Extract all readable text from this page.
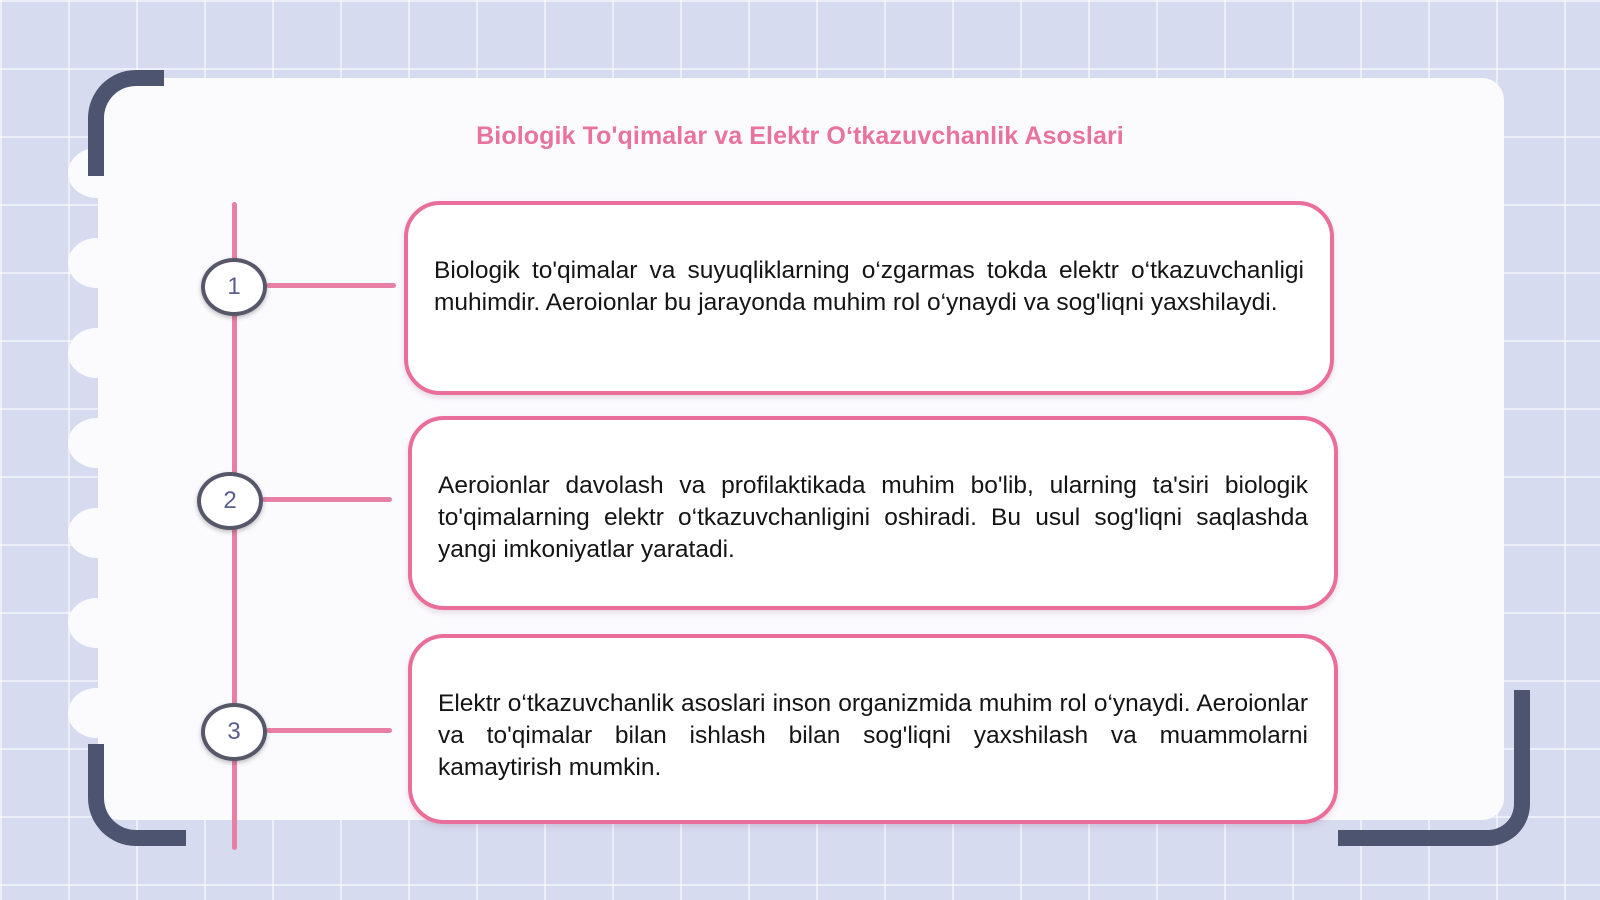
Biologik To'qimalar va Elektr Oʻtkazuvchanlik Asoslari
1

Biologik to'qimalar va suyuqliklarning o‘zgarmas tokda elektr o‘tkazuvchanligi muhimdir. Aeroionlar bu jarayonda muhim rol o‘ynaydi va sog'liqni yaxshilaydi.

2

Aeroionlar davolash va profilaktikada muhim bo'lib, ularning ta'siri biologik to'qimalarning elektr o‘tkazuvchanligini oshiradi. Bu usul sog'liqni saqlashda yangi imkoniyatlar yaratadi.

3

Elektr o‘tkazuvchanlik asoslari inson organizmida muhim rol o‘ynaydi. Aeroionlar va to'qimalar bilan ishlash bilan sog'liqni yaxshilash va muammolarni kamaytirish mumkin.
